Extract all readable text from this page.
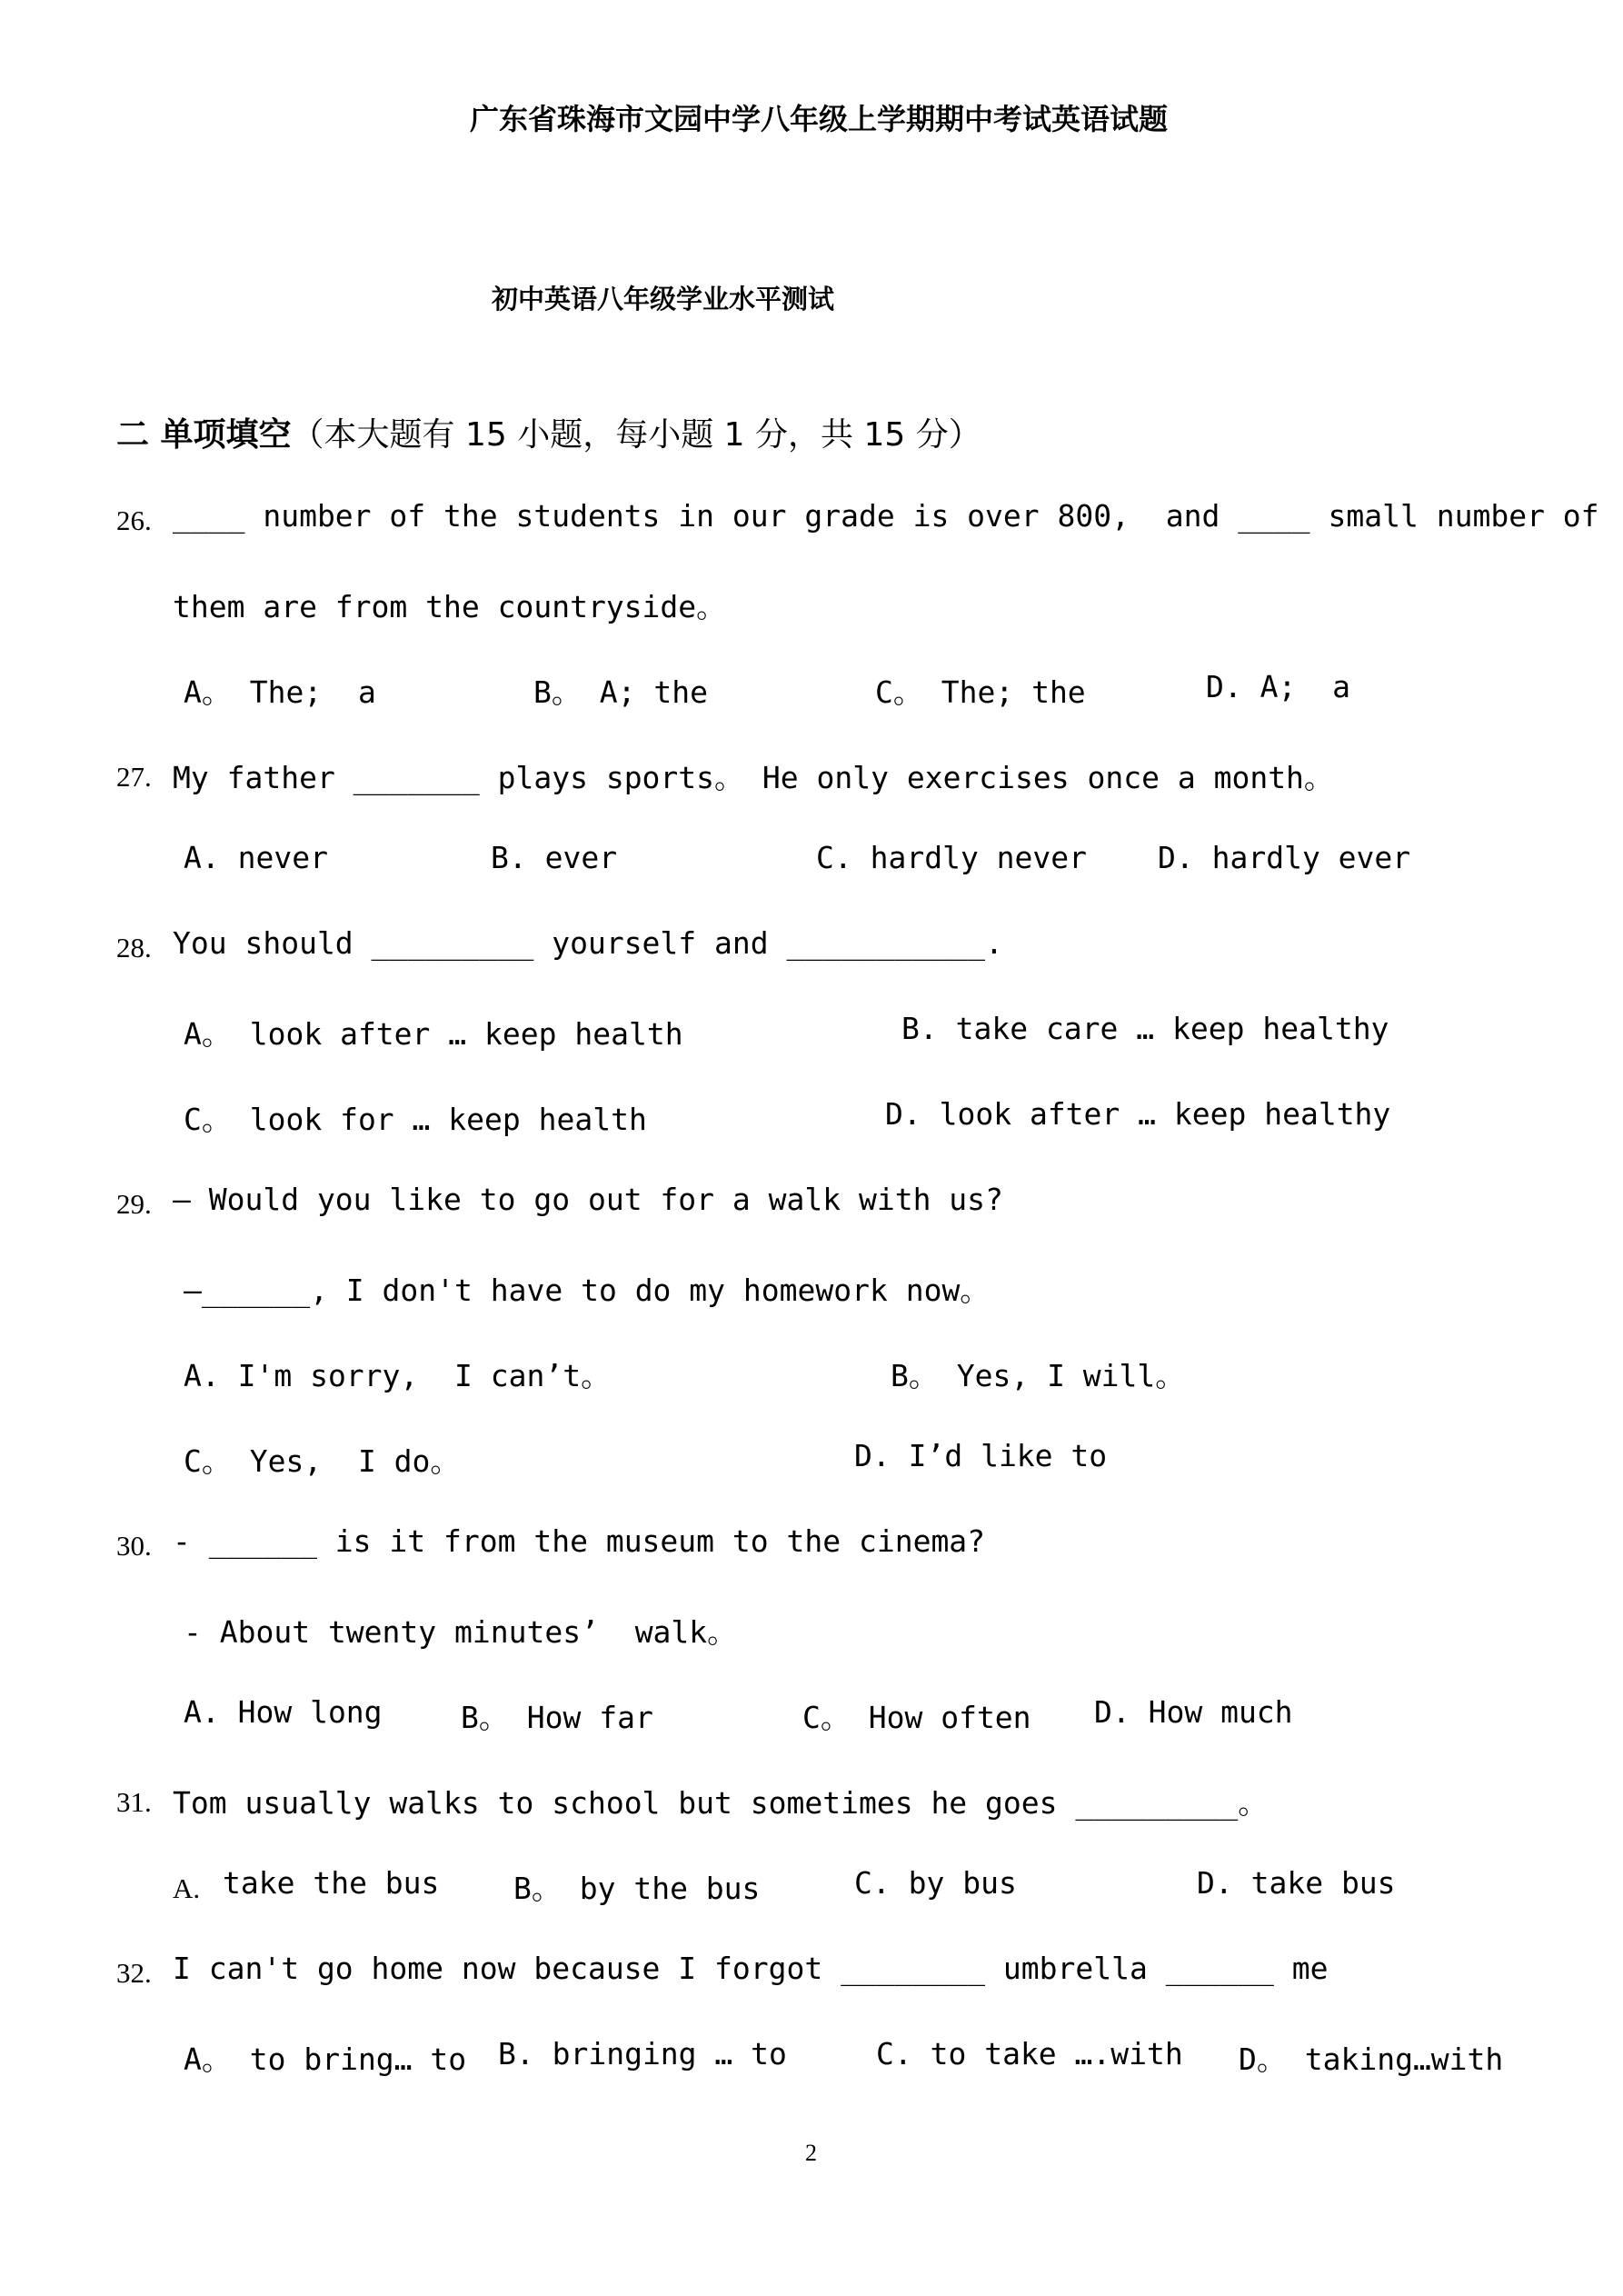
广东省珠海市文园中学八年级上学期期中考试英语试题
初中英语八年级学业水平测试
二 单项填空（本大题有 15 小题，每小题 1 分，共 15 分）
26. ____ number of the students in our grade is over 800,  and ____ small number of
them are from the countryside。
A。 The;  a	B。 A; the	C。 The; the	D. A;  a
27. My father _______ plays sports。 He only exercises once a month。
A. never	B. ever	C. hardly never D. hardly ever
28. You should _________ yourself and ___________.
A。 look after … keep health	B. take care … keep healthy
C。 look for … keep health	D. look after … keep healthy
29. — Would you like to go out for a walk with us?
—______, I don't have to do my homework now。
A. I'm sorry,  I can’t。	B。 Yes, I will。
C。 Yes,  I do。	D. I’d like to
30. - ______ is it from the museum to the cinema?
- About twenty minutes’  walk。
A. How long	B。 How far	C。 How often D. How much
31. Tom usually walks to school but sometimes he goes _________。
A. take the bus B。 by the bus	C. by bus	D. take bus
32. I can't go home now because I forgot ________ umbrella ______ me
A。 to bring… to B. bringing … to	C. to take ….with D。 taking…with
2
